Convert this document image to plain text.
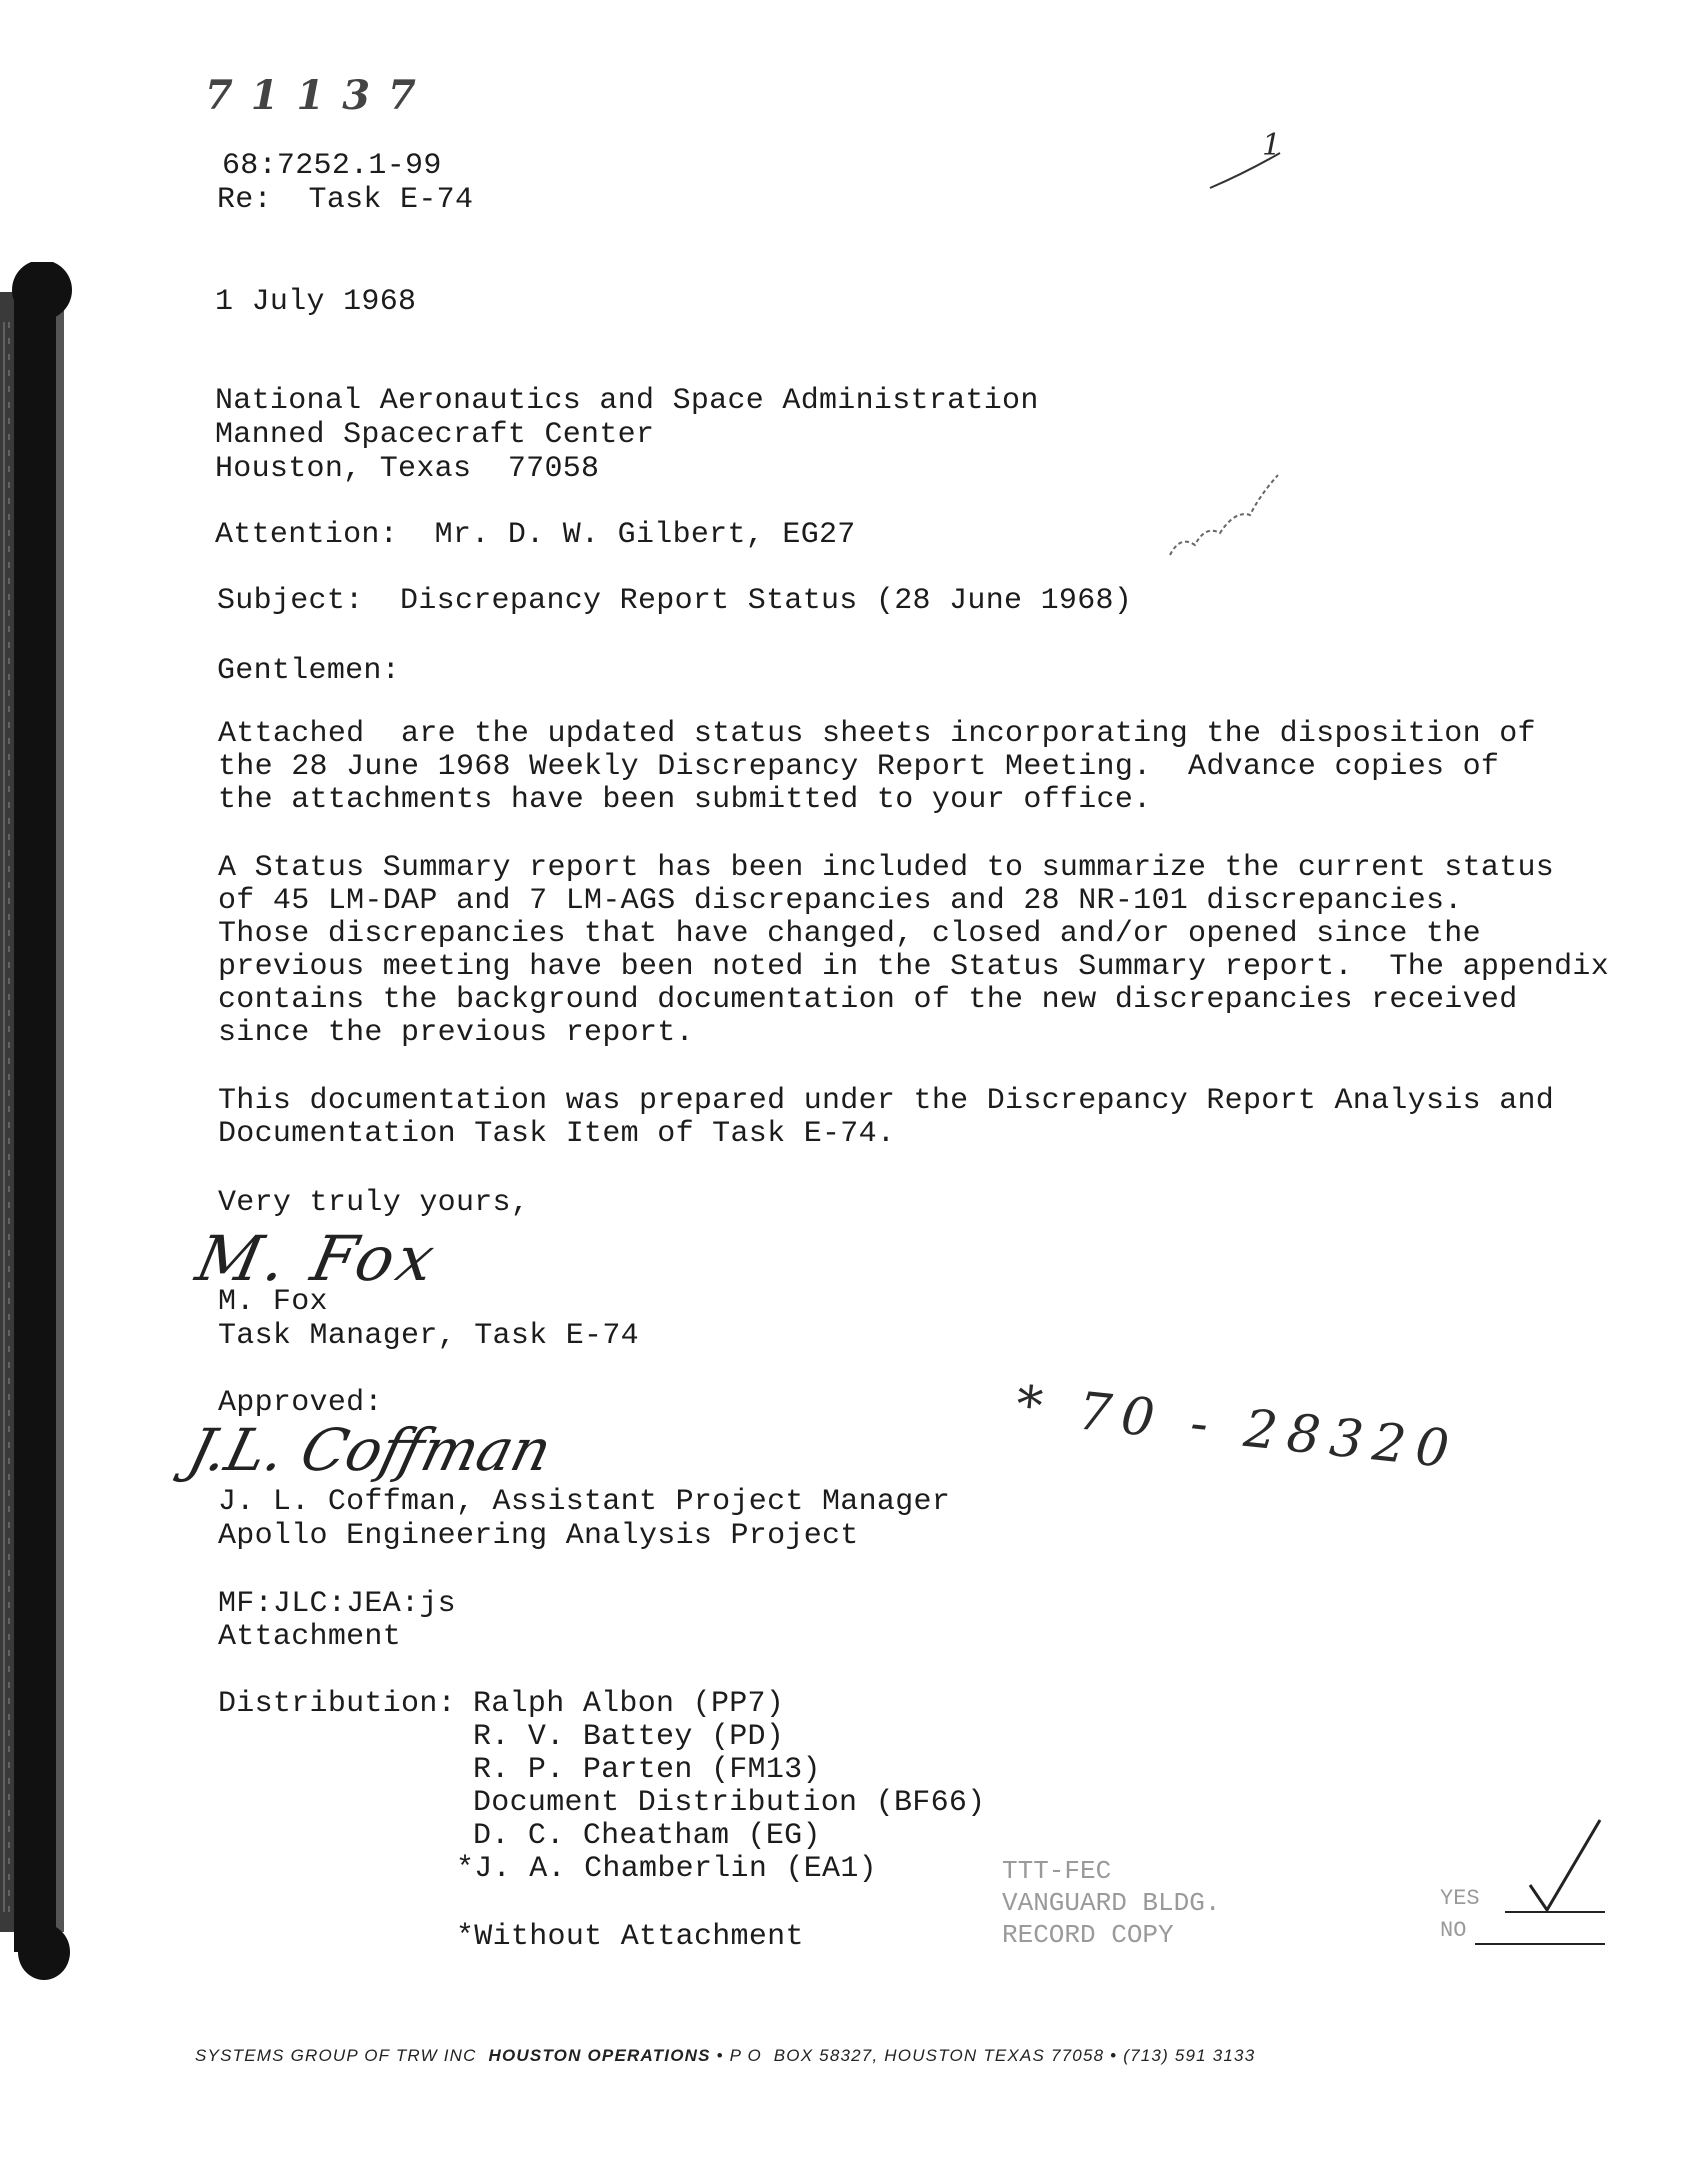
7 1 1 3 7
68:7252.1-99
Re:  Task E-74
1
1 July 1968
National Aeronautics and Space Administration
Manned Spacecraft Center
Houston, Texas  77058
Attention:  Mr. D. W. Gilbert, EG27
Subject:  Discrepancy Report Status (28 June 1968)
Gentlemen:
Attached  are the updated status sheets incorporating the disposition of
the 28 June 1968 Weekly Discrepancy Report Meeting.  Advance copies of
the attachments have been submitted to your office.
A Status Summary report has been included to summarize the current status
of 45 LM-DAP and 7 LM-AGS discrepancies and 28 NR-101 discrepancies.
Those discrepancies that have changed, closed and/or opened since the
previous meeting have been noted in the Status Summary report.  The appendix
contains the background documentation of the new discrepancies received
since the previous report.
This documentation was prepared under the Discrepancy Report Analysis and
Documentation Task Item of Task E-74.
Very truly yours,
M. Fox
M. Fox
Task Manager, Task E-74
Approved:
J.L. Coffman	* 70 - 28320
J. L. Coffman, Assistant Project Manager
Apollo Engineering Analysis Project
MF:JLC:JEA:js
Attachment
Distribution: Ralph Albon (PP7)
R. V. Battey (PD)
R. P. Parten (FM13)
Document Distribution (BF66)
D. C. Cheatham (EG)
*J. A. Chamberlin (EA1)
*Without Attachment
TTT-FEC
VANGUARD BLDG.
RECORD COPY
YES
NO
SYSTEMS GROUP OF TRW INC HOUSTON OPERATIONS • P O  BOX 58327, HOUSTON TEXAS 77058 • (713) 591 3133
